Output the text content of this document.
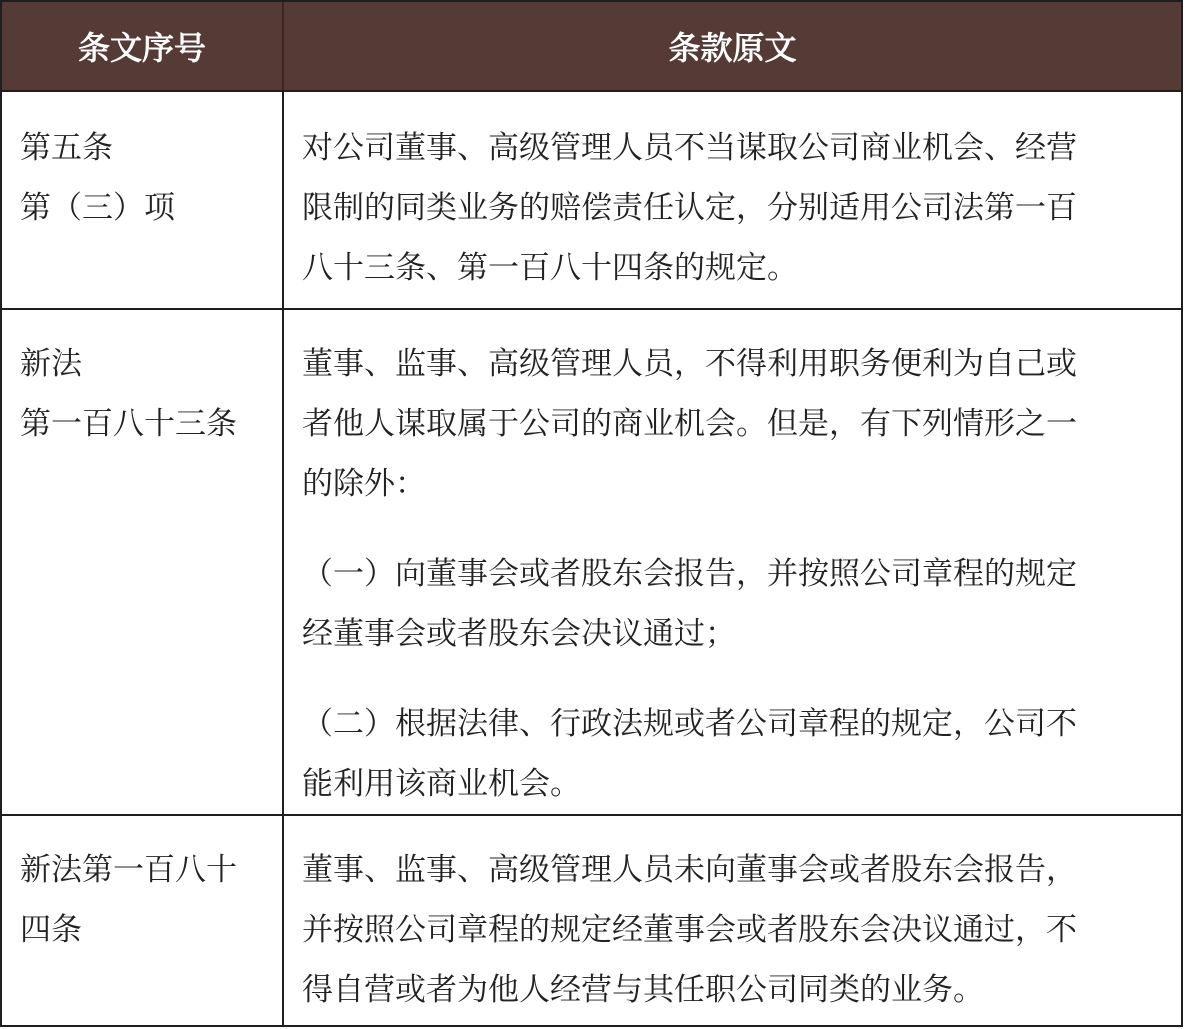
条文序号	条款原文
第五条
第（三）项
对公司董事、高级管理人员不当谋取公司商业机会、经营
限制的同类业务的赔偿责任认定，分别适用公司法第一百
八十三条、第一百八十四条的规定。
新法
第一百八十三条
董事、监事、高级管理人员，不得利用职务便利为自己或
者他人谋取属于公司的商业机会。但是，有下列情形之一
的除外：
（一）向董事会或者股东会报告，并按照公司章程的规定
经董事会或者股东会决议通过；
（二）根据法律、行政法规或者公司章程的规定，公司不
能利用该商业机会。
新法第一百八十
四条
董事、监事、高级管理人员未向董事会或者股东会报告，
并按照公司章程的规定经董事会或者股东会决议通过，不
得自营或者为他人经营与其任职公司同类的业务。
